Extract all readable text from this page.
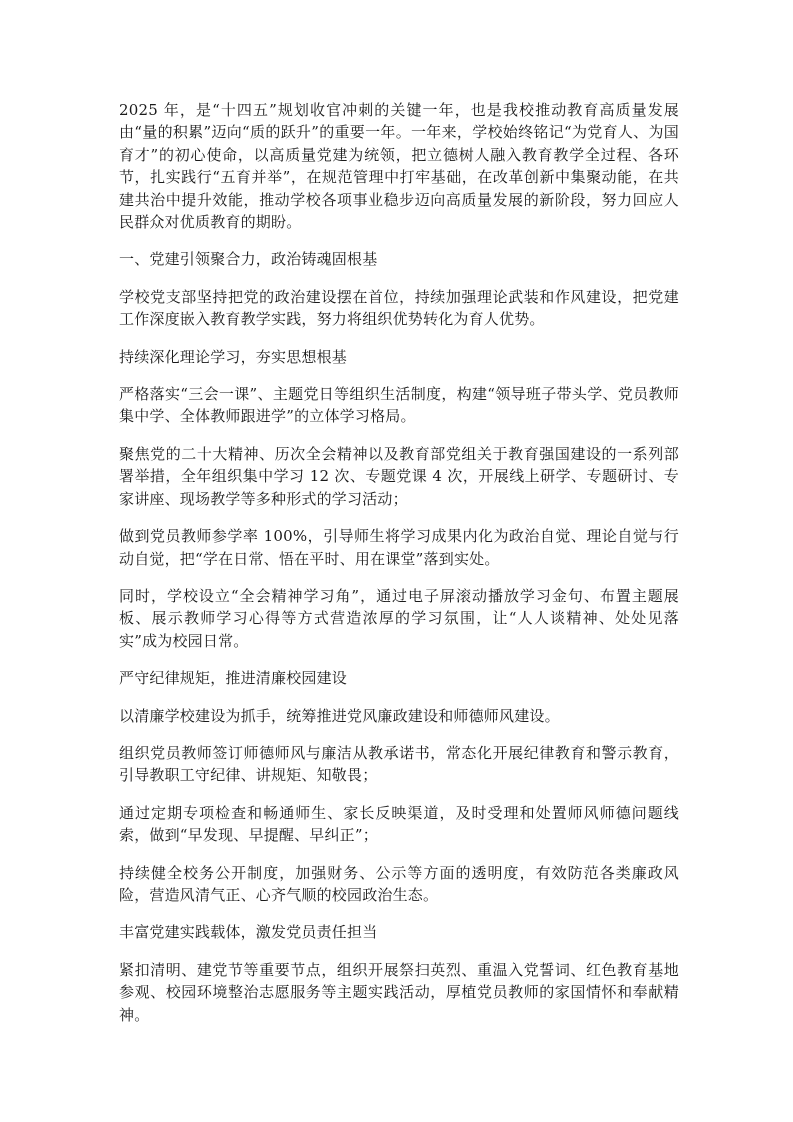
2025 年，是“十四五”规划收官冲刺的关键一年，也是我校推动教育高质量发展由“量的积累”迈向“质的跃升”的重要一年。一年来，学校始终铭记“为党育人、为国育才”的初心使命，以高质量党建为统领，把立德树人融入教育教学全过程、各环节，扎实践行“五育并举”，在规范管理中打牢基础，在改革创新中集聚动能，在共建共治中提升效能，推动学校各项事业稳步迈向高质量发展的新阶段，努力回应人民群众对优质教育的期盼。

一、党建引领聚合力，政治铸魂固根基

学校党支部坚持把党的政治建设摆在首位，持续加强理论武装和作风建设，把党建工作深度嵌入教育教学实践，努力将组织优势转化为育人优势。

持续深化理论学习，夯实思想根基

严格落实“三会一课”、主题党日等组织生活制度，构建“领导班子带头学、党员教师集中学、全体教师跟进学”的立体学习格局。

聚焦党的二十大精神、历次全会精神以及教育部党组关于教育强国建设的一系列部署举措，全年组织集中学习 12 次、专题党课 4 次，开展线上研学、专题研讨、专家讲座、现场教学等多种形式的学习活动；

做到党员教师参学率 100%，引导师生将学习成果内化为政治自觉、理论自觉与行动自觉，把“学在日常、悟在平时、用在课堂”落到实处。

同时，学校设立“全会精神学习角”，通过电子屏滚动播放学习金句、布置主题展板、展示教师学习心得等方式营造浓厚的学习氛围，让“人人谈精神、处处见落实”成为校园日常。

严守纪律规矩，推进清廉校园建设

以清廉学校建设为抓手，统筹推进党风廉政建设和师德师风建设。

组织党员教师签订师德师风与廉洁从教承诺书，常态化开展纪律教育和警示教育，引导教职工守纪律、讲规矩、知敬畏；

通过定期专项检查和畅通师生、家长反映渠道，及时受理和处置师风师德问题线索，做到“早发现、早提醒、早纠正”；

持续健全校务公开制度，加强财务、公示等方面的透明度，有效防范各类廉政风险，营造风清气正、心齐气顺的校园政治生态。

丰富党建实践载体，激发党员责任担当

紧扣清明、建党节等重要节点，组织开展祭扫英烈、重温入党誓词、红色教育基地参观、校园环境整治志愿服务等主题实践活动，厚植党员教师的家国情怀和奉献精神。
